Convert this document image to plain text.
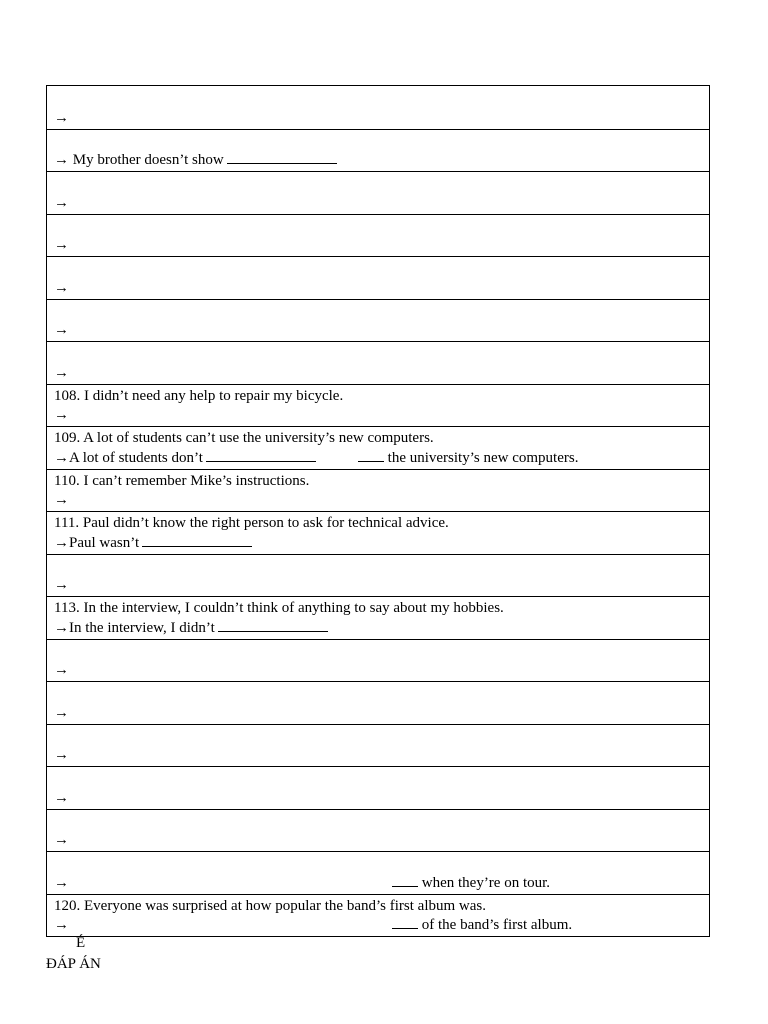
→
→ My brother doesn’t show
→
→
→
→
→
108. I didn’t need any help to repair my bicycle.
→
109. A lot of students can’t use the university’s new computers.
→A lot of students don’t	the university’s new computers.
110. I can’t remember Mike’s instructions.
→
111. Paul didn’t know the right person to ask for technical advice.
→Paul wasn’t
→
113. In the interview, I couldn’t think of anything to say about my hobbies.
→In the interview, I didn’t
→
→
→
→
→
→	when they’re on tour.
120. Everyone was surprised at how popular the band’s first album was.
→	of the band’s first album.
É
ĐÁP ÁN
